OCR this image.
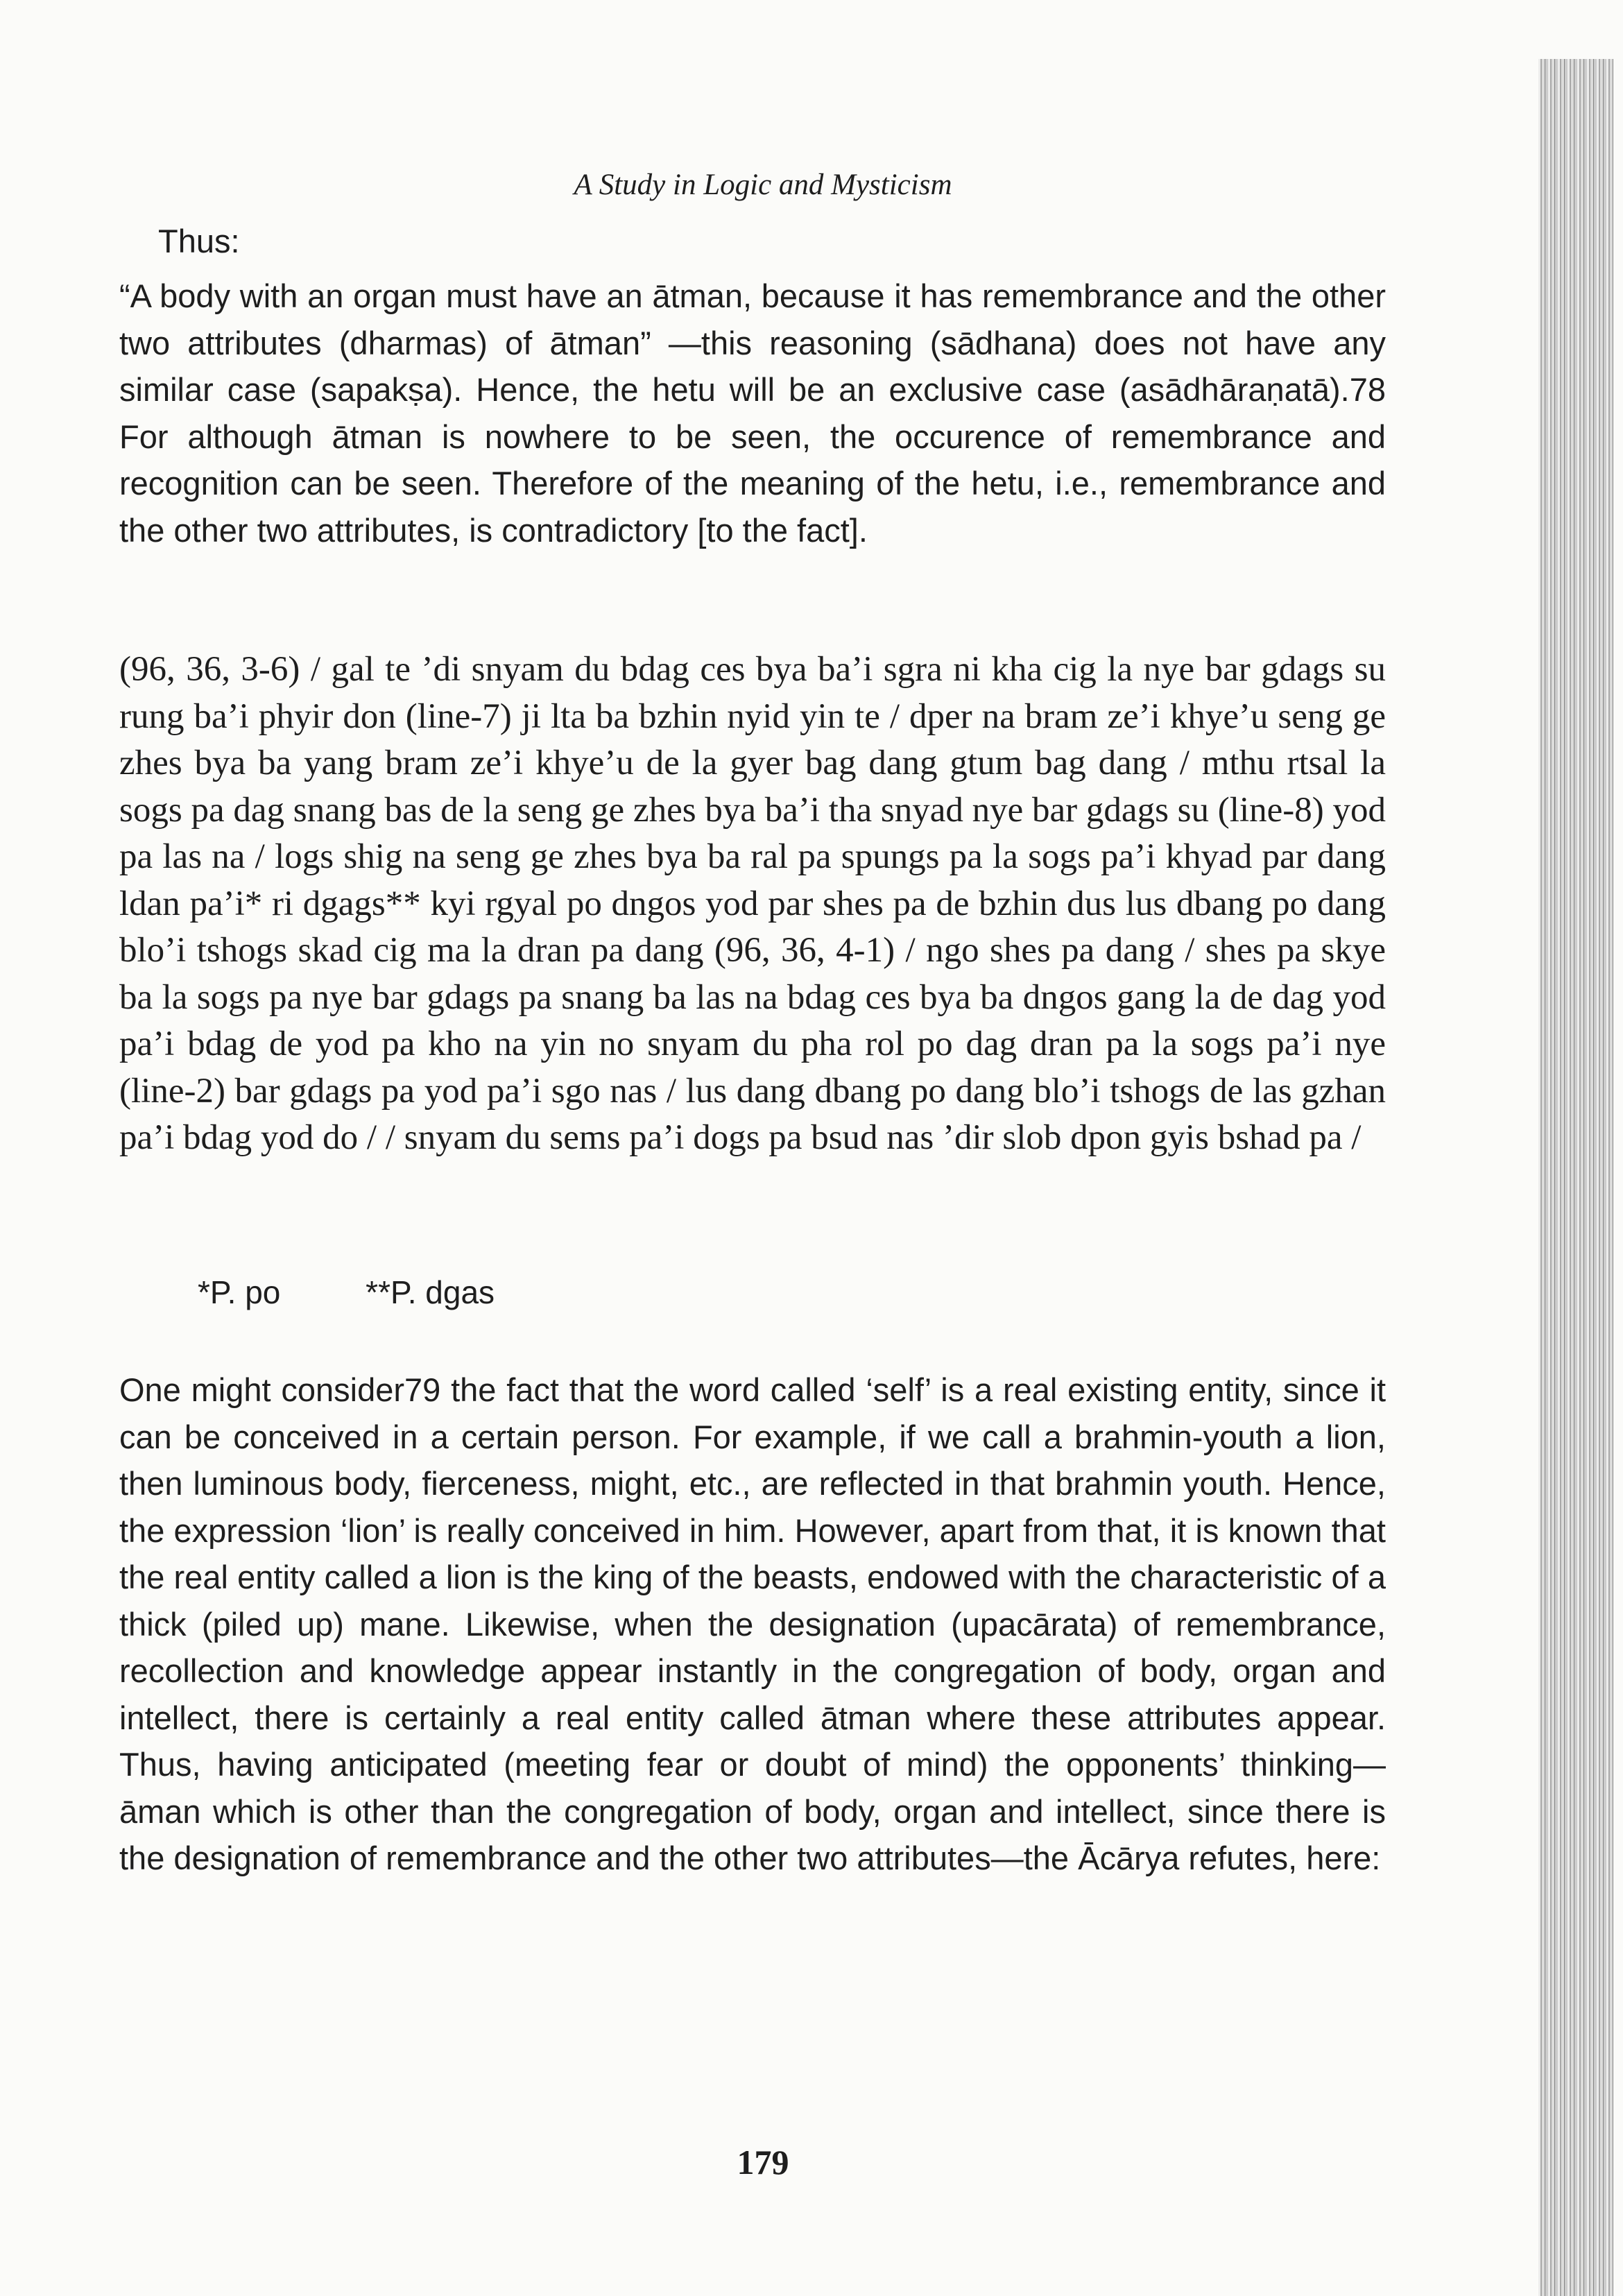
A Study in Logic and Mysticism

Thus:

“A body with an organ must have an ātman, because it has remembrance and the other two attributes (dharmas) of ātman” —this reasoning (sādhana) does not have any similar case (sapakṣa). Hence, the hetu will be an exclusive case (asādhāraṇatā).78 For although ātman is nowhere to be seen, the occurence of remembrance and recognition can be seen. Therefore of the meaning of the hetu, i.e., remembrance and the other two attributes, is contradictory [to the fact].

(96, 36, 3-6) / gal te ’di snyam du bdag ces bya ba’i sgra ni kha cig la nye bar gdags su rung ba’i phyir don (line-7) ji lta ba bzhin nyid yin te / dper na bram ze’i khye’u seng ge zhes bya ba yang bram ze’i khye’u de la gyer bag dang gtum bag dang / mthu rtsal la sogs pa dag snang bas de la seng ge zhes bya ba’i tha snyad nye bar gdags su (line-8) yod pa las na / logs shig na seng ge zhes bya ba ral pa spungs pa la sogs pa’i khyad par dang ldan pa’i* ri dgags** kyi rgyal po dngos yod par shes pa de bzhin dus lus dbang po dang blo’i tshogs skad cig ma la dran pa dang (96, 36, 4-1) / ngo shes pa dang / shes pa skye ba la sogs pa nye bar gdags pa snang ba las na bdag ces bya ba dngos gang la de dag yod pa’i bdag de yod pa kho na yin no snyam du pha rol po dag dran pa la sogs pa’i nye (line-2) bar gdags pa yod pa’i sgo nas / lus dang dbang po dang blo’i tshogs de las gzhan pa’i bdag yod do / / snyam du sems pa’i dogs pa bsud nas ’dir slob dpon gyis bshad pa /

*P. po	**P. dgas

One might consider79 the fact that the word called ‘self’ is a real existing entity, since it can be conceived in a certain person. For example, if we call a brahmin-youth a lion, then luminous body, fierceness, might, etc., are reflected in that brahmin youth. Hence, the expression ‘lion’ is really conceived in him. However, apart from that, it is known that the real entity called a lion is the king of the beasts, endowed with the characteristic of a thick (piled up) mane. Likewise, when the designation (upacārata) of remembrance, recollection and knowledge appear instantly in the congregation of body, organ and intellect, there is certainly a real entity called ātman where these attributes appear. Thus, having anticipated (meeting fear or doubt of mind) the opponents’ thinking—āman which is other than the congregation of body, organ and intellect, since there is the designation of remembrance and the other two attributes—the Ācārya refutes, here:

179
